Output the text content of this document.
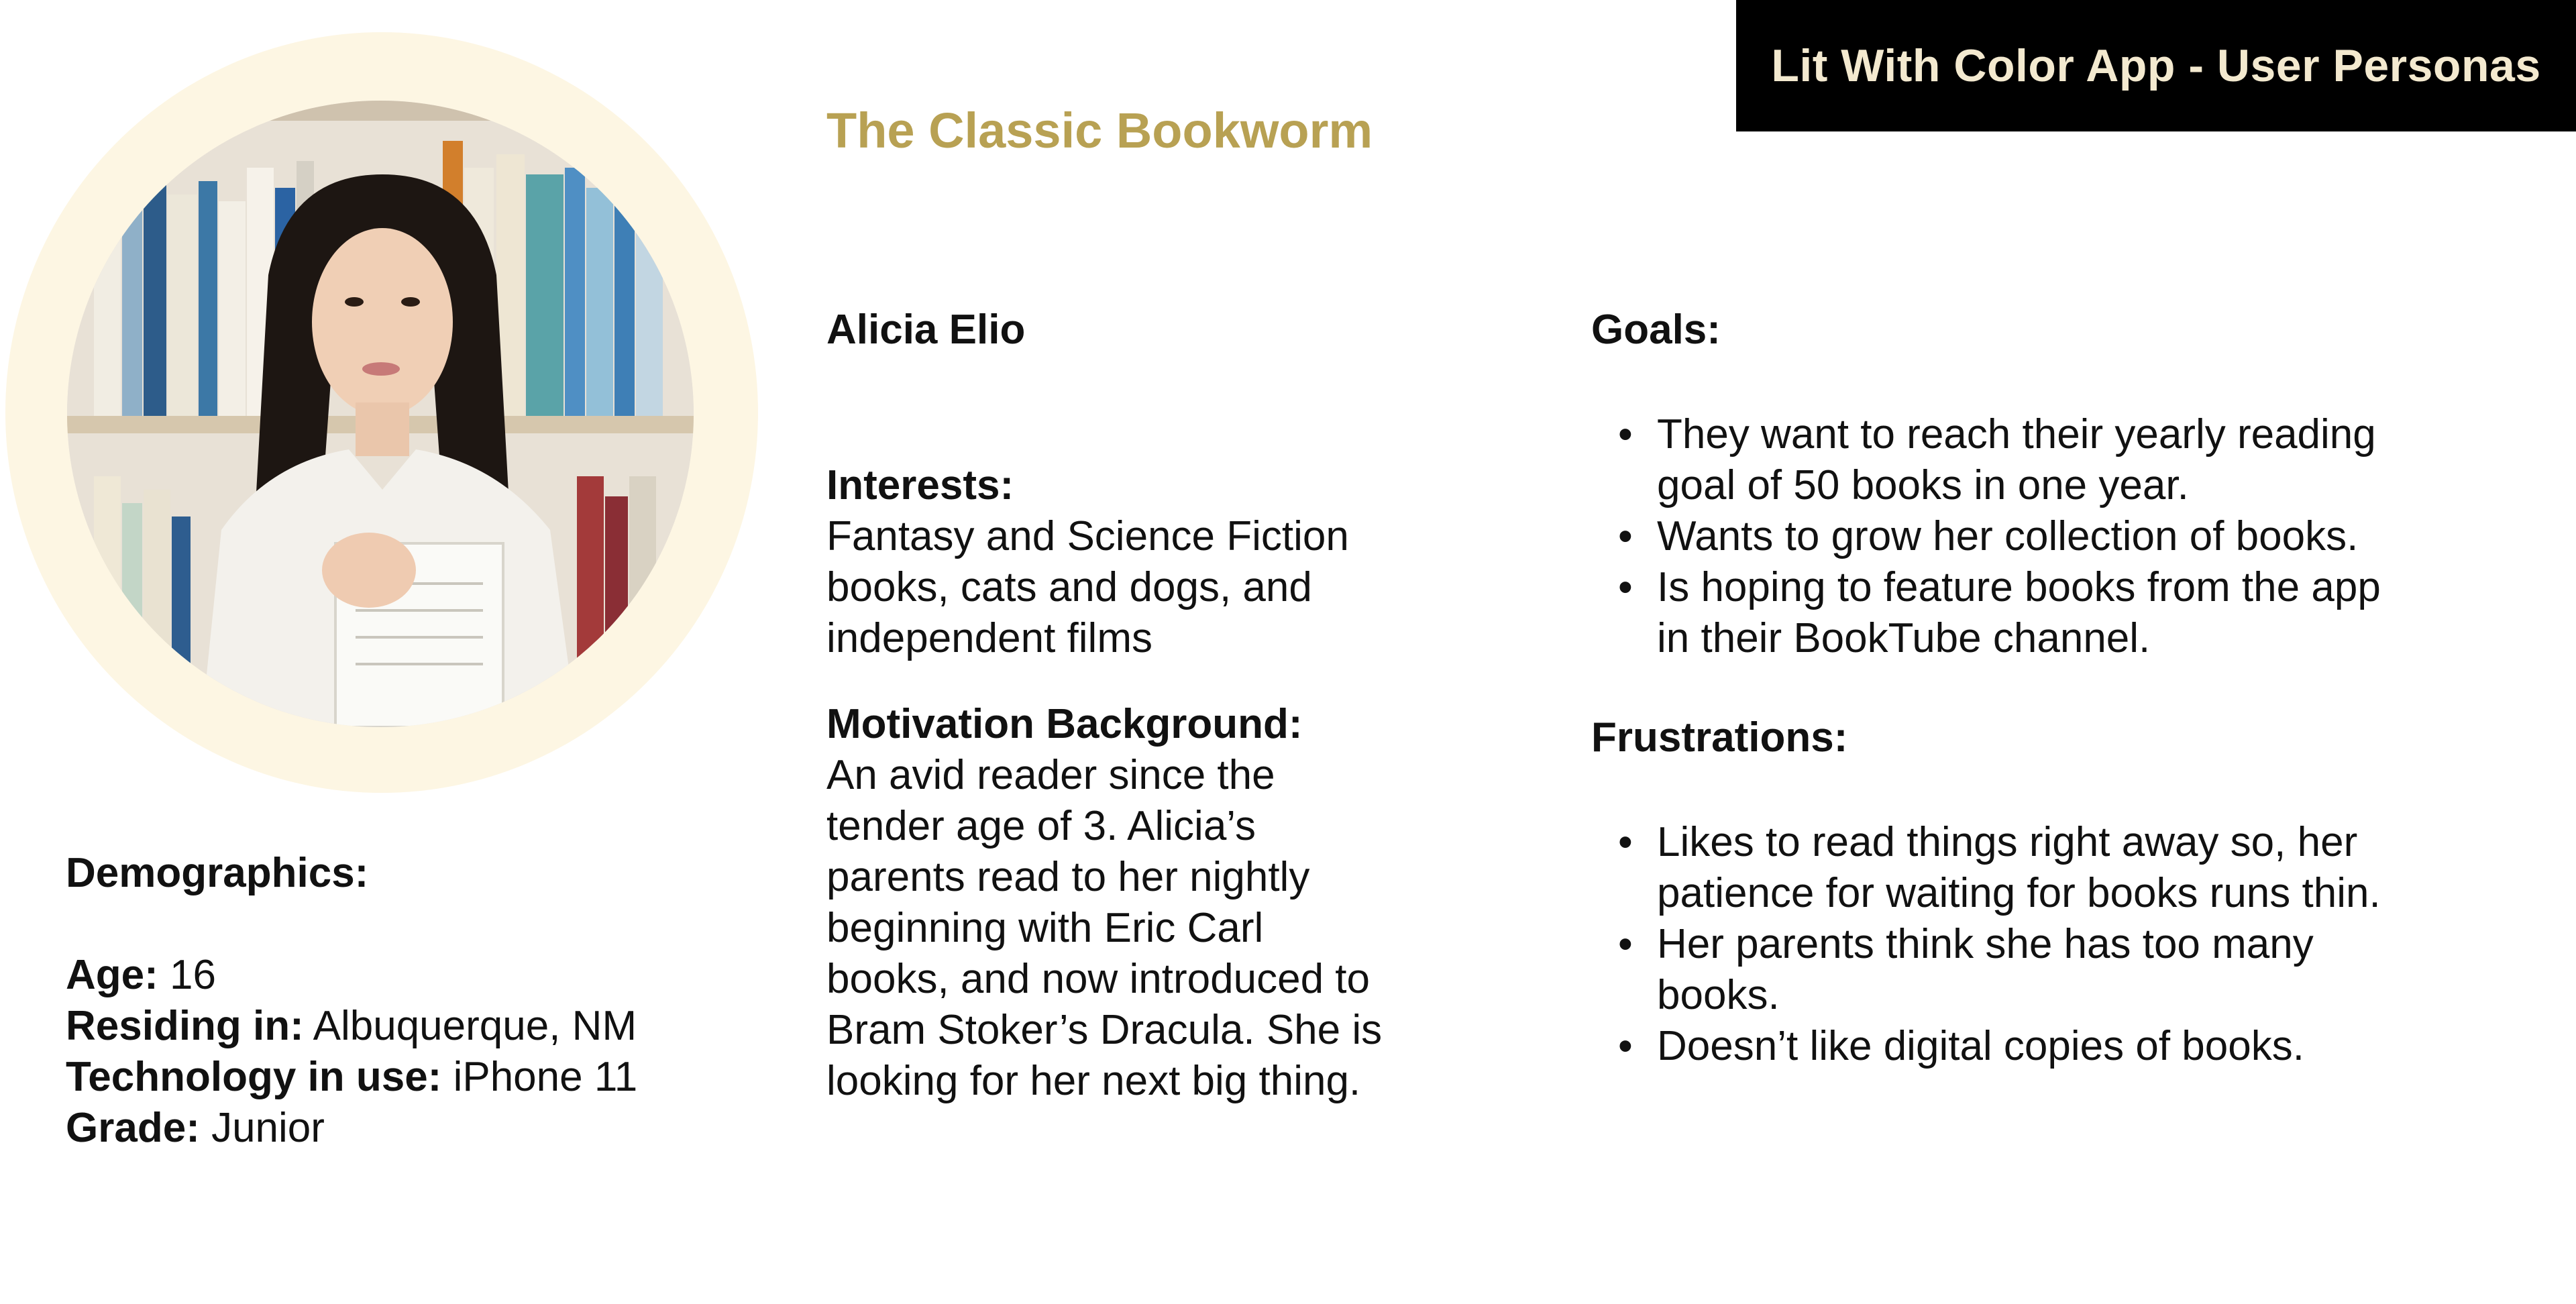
Lit With Color App - User Personas
The Classic Bookworm
Alicia Elio
Interests:
Fantasy and Science Fiction
books, cats and dogs, and
independent films
Motivation Background:
An avid reader since the
tender age of 3. Alicia’s
parents read to her nightly
beginning with Eric Carl
books, and now introduced to
Bram Stoker’s Dracula. She is
looking for her next big thing.
Demographics:
Age: 16
Residing in: Albuquerque, NM
Technology in use: iPhone 11
Grade: Junior
Goals:
• They want to reach their yearly reading
goal of 50 books in one year.
• Wants to grow her collection of books.
• Is hoping to feature books from the app
in their BookTube channel.
Frustrations:
• Likes to read things right away so, her
patience for waiting for books runs thin.
• Her parents think she has too many
books.
• Doesn’t like digital copies of books.
